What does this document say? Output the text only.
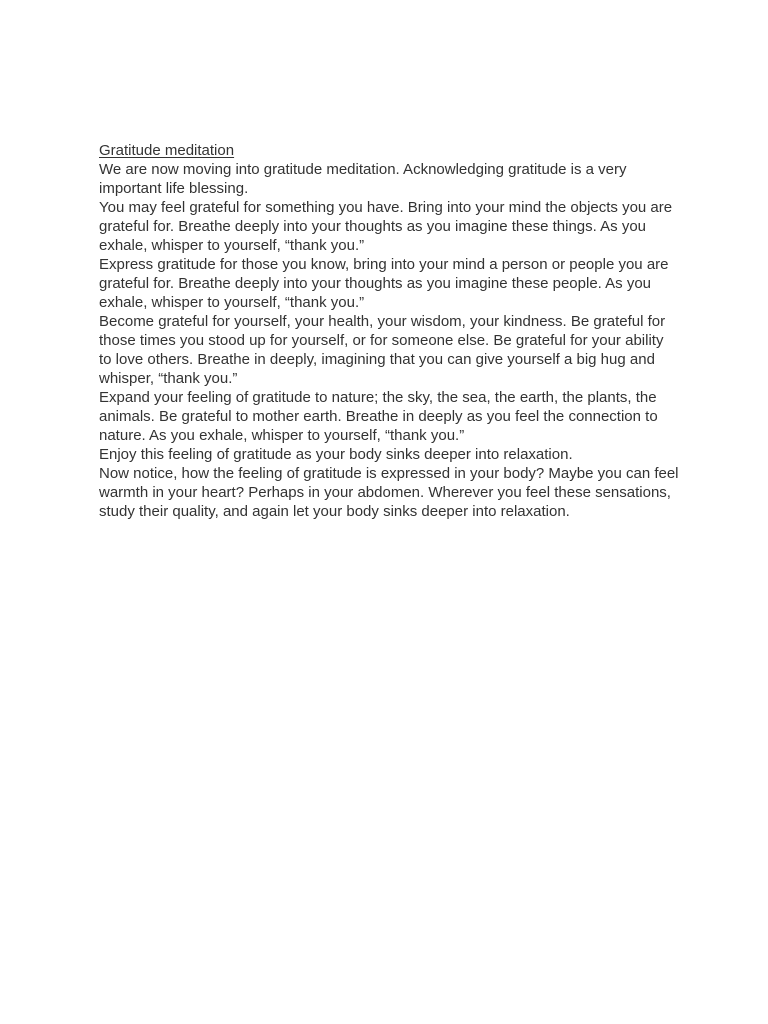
Gratitude meditation

We are now moving into gratitude meditation. Acknowledging gratitude is a very important life blessing.

You may feel grateful for something you have. Bring into your mind the objects you are grateful for. Breathe deeply into your thoughts as you imagine these things. As you exhale, whisper to yourself, “thank you.”

Express gratitude for those you know, bring into your mind a person or people you are grateful for. Breathe deeply into your thoughts as you imagine these people. As you exhale, whisper to yourself, “thank you.”

Become grateful for yourself, your health, your wisdom, your kindness. Be grateful for those times you stood up for yourself, or for someone else. Be grateful for your ability to love others. Breathe in deeply, imagining that you can give yourself a big hug and whisper, “thank you.”

Expand your feeling of gratitude to nature; the sky, the sea, the earth, the plants, the animals. Be grateful to mother earth. Breathe in deeply as you feel the connection to nature. As you exhale, whisper to yourself, “thank you.”

Enjoy this feeling of gratitude as your body sinks deeper into relaxation.

Now notice, how the feeling of gratitude is expressed in your body? Maybe you can feel warmth in your heart? Perhaps in your abdomen. Wherever you feel these sensations, study their quality, and again let your body sinks deeper into relaxation.
